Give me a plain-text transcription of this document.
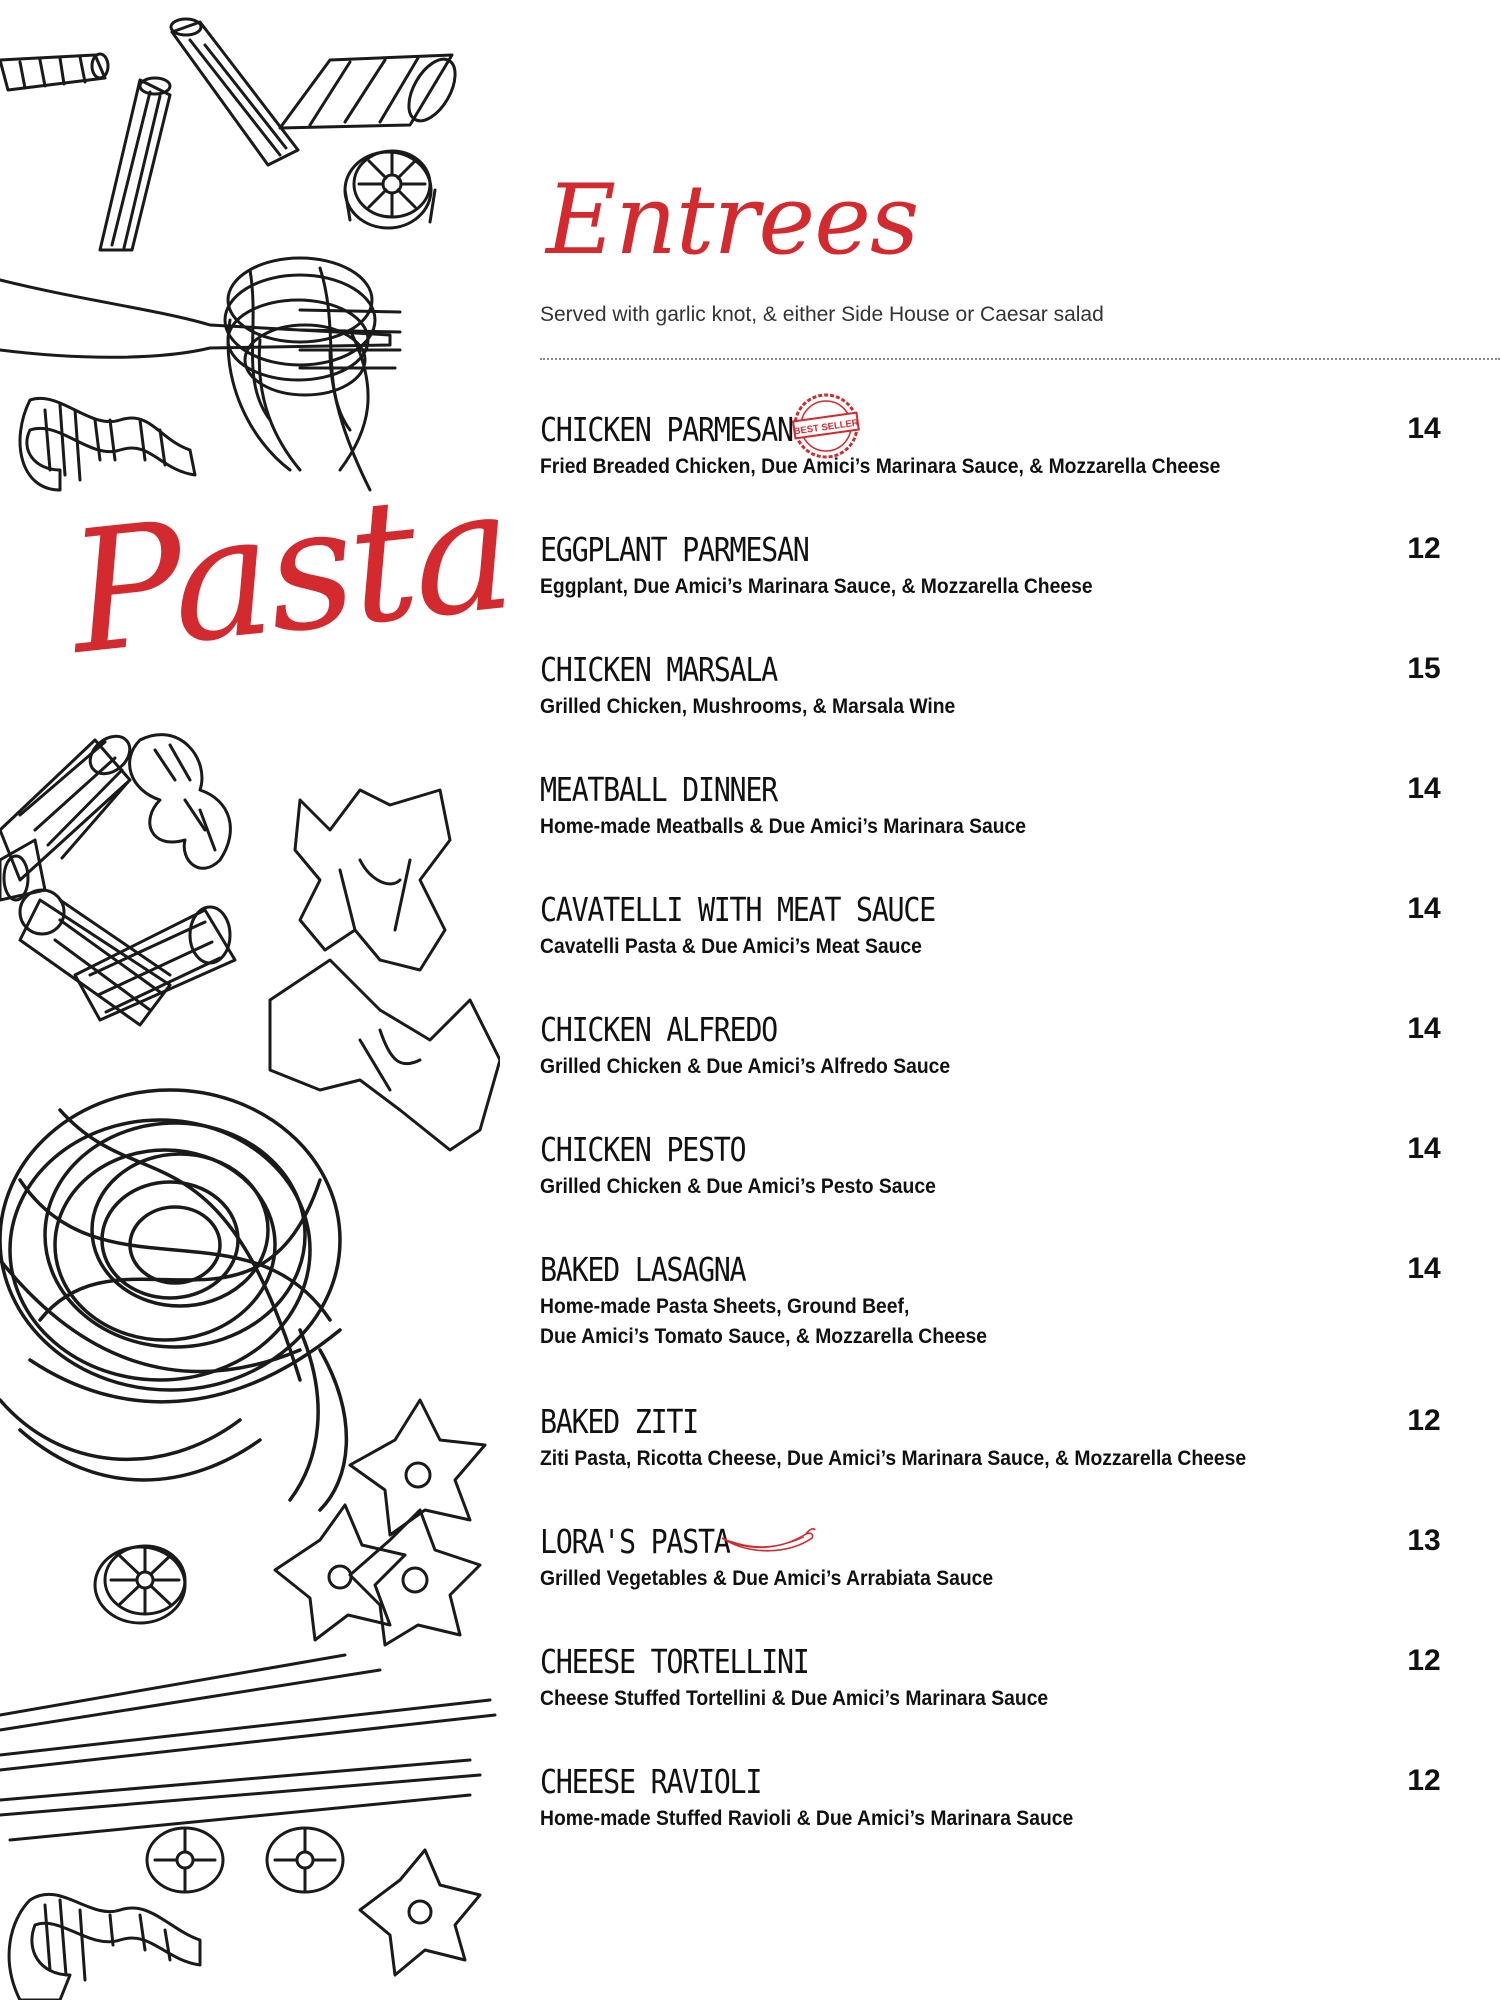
Pasta
Entrees
Served with garlic knot, & either Side House or Caesar salad
CHICKEN PARMESAN
Fried Breaded Chicken, Due Amici’s Marinara Sauce, & Mozzarella Cheese
14
BEST SELLER
EGGPLANT PARMESAN
Eggplant, Due Amici’s Marinara Sauce, & Mozzarella Cheese
12
CHICKEN MARSALA
Grilled Chicken, Mushrooms, & Marsala Wine
15
MEATBALL DINNER
Home-made Meatballs & Due Amici’s Marinara Sauce
14
CAVATELLI WITH MEAT SAUCE
Cavatelli Pasta & Due Amici’s Meat Sauce
14
CHICKEN ALFREDO
Grilled Chicken & Due Amici’s Alfredo Sauce
14
CHICKEN PESTO
Grilled Chicken & Due Amici’s Pesto Sauce
14
BAKED LASAGNA
Home-made Pasta Sheets, Ground Beef,
Due Amici’s Tomato Sauce, & Mozzarella Cheese
14
BAKED ZITI
Ziti Pasta, Ricotta Cheese, Due Amici’s Marinara Sauce, & Mozzarella Cheese
12
LORA'S PASTA
Grilled Vegetables & Due Amici’s Arrabiata Sauce
13
CHEESE TORTELLINI
Cheese Stuffed Tortellini & Due Amici’s Marinara Sauce
12
CHEESE RAVIOLI
Home-made Stuffed Ravioli & Due Amici’s Marinara Sauce
12
